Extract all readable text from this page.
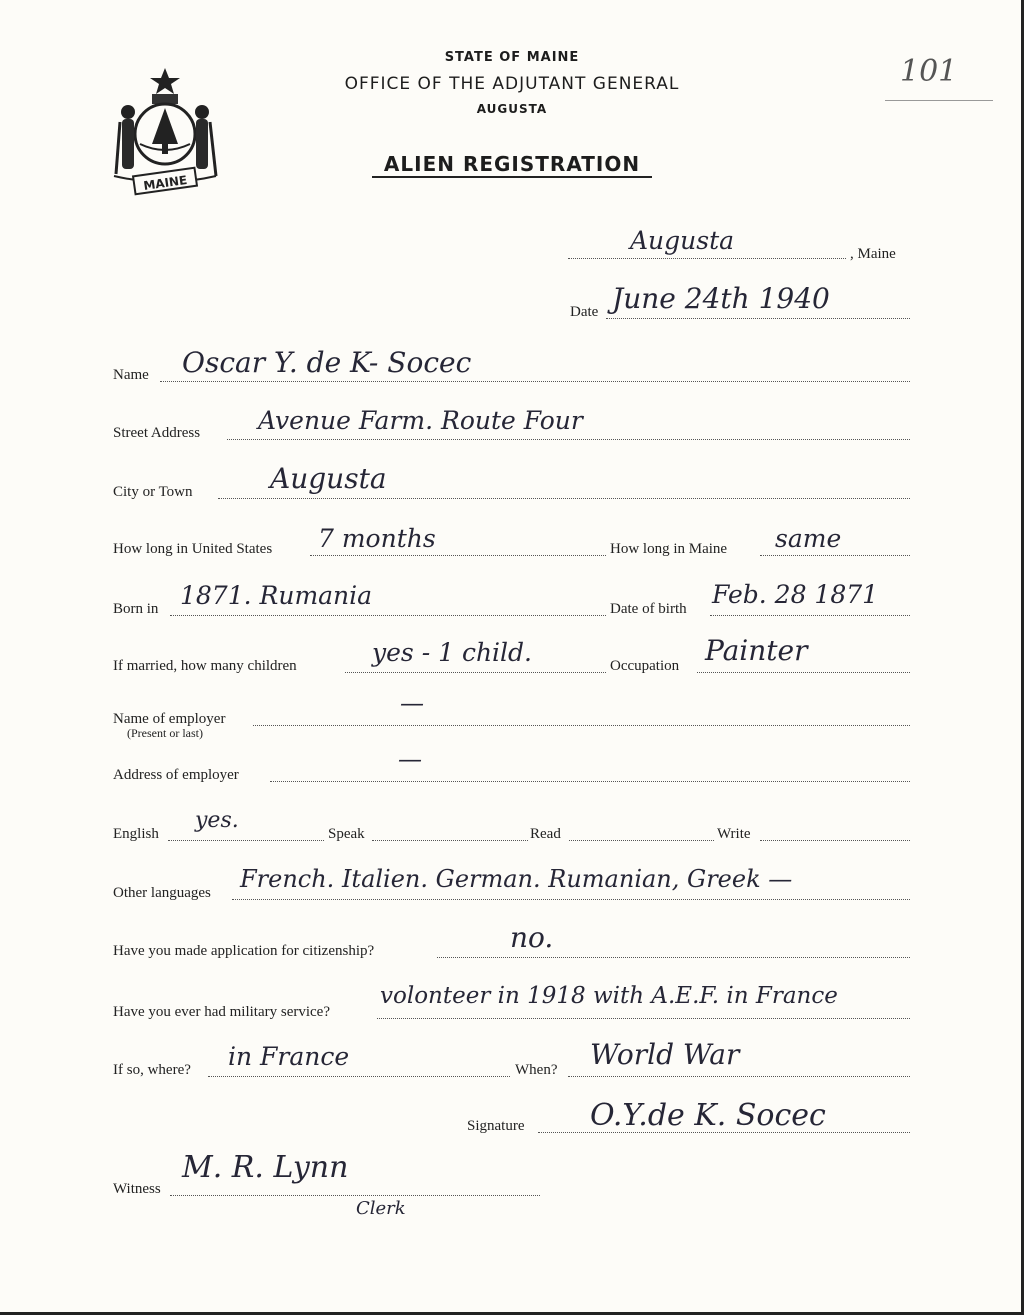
MAINE
STATE OF MAINE
OFFICE OF THE ADJUTANT GENERAL
AUGUSTA
ALIEN REGISTRATION
101
Augusta	, Maine
Date June 24th 1940
Name Oscar Y. de K- Socec
Street Address Avenue Farm. Route Four
City or Town	Augusta
How long in United States 7 months	How long in Maine same
Born in 1871. Rumania	Date of birth Feb. 28 1871
If married, how many children	yes - 1 child.	Occupation Painter
Name of employer
(Present or last)
—
Address of employer
—
English
yes.
Speak	Read	Write
Other languages French. Italien. German. Rumanian, Greek —
Have you made application for citizenship?	no.
Have you ever had military service?
volonteer in 1918 with A.E.F. in France
If so, where? in France	When? World War
Signature O.Y.de K. Socec
Witness
M. R. Lynn
Clerk
